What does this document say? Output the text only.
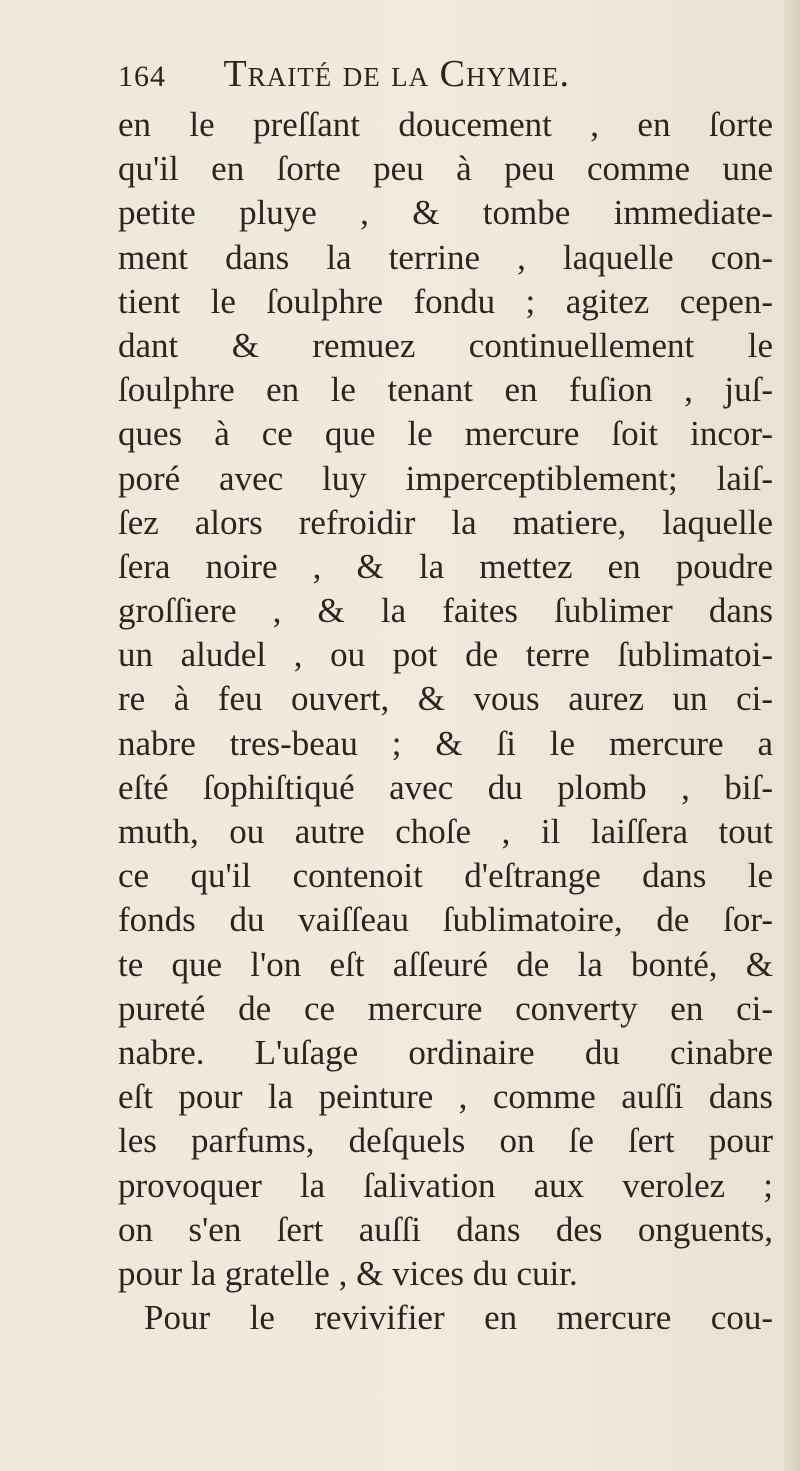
164 Traité de la Chymie.
en le preſſant doucement , en ſorte
qu'il en ſorte peu à peu comme une
petite pluye , & tombe immediate-
ment dans la terrine , laquelle con-
tient le ſoulphre fondu ; agitez cepen-
dant & remuez continuellement le
ſoulphre en le tenant en fuſion , juſ-
ques à ce que le mercure ſoit incor-
poré avec luy imperceptiblement; laiſ-
ſez alors refroidir la matiere, laquelle
ſera noire , & la mettez en poudre
groſſiere , & la faites ſublimer dans
un aludel , ou pot de terre ſublimatoi-
re à feu ouvert, & vous aurez un ci-
nabre tres-beau ; & ſi le mercure a
eſté ſophiſtiqué avec du plomb , biſ-
muth, ou autre choſe , il laiſſera tout
ce qu'il contenoit d'eſtrange dans le
fonds du vaiſſeau ſublimatoire, de ſor-
te que l'on eſt aſſeuré de la bonté, &
pureté de ce mercure converty en ci-
nabre. L'uſage ordinaire du cinabre
eſt pour la peinture , comme auſſi dans
les parfums, deſquels on ſe ſert pour
provoquer la ſalivation aux verolez ;
on s'en ſert auſſi dans des onguents,
pour la gratelle , & vices du cuir.
Pour le revivifier en mercure cou-
